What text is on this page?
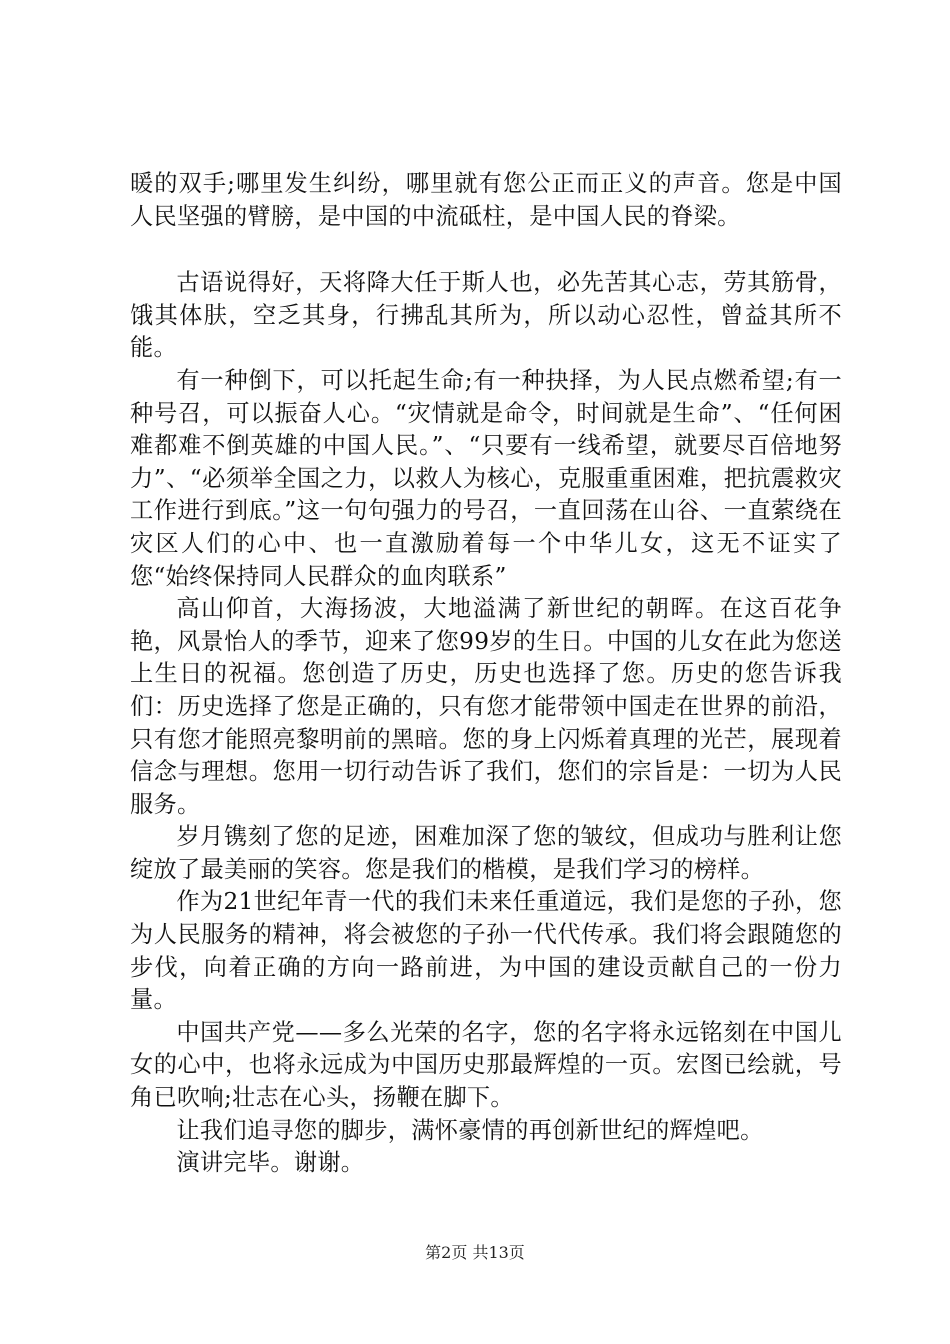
暖的双手;哪里发生纠纷，哪里就有您公正而正义的声音。您是中国人民坚强的臂膀，是中国的中流砥柱，是中国人民的脊梁。

古语说得好，天将降大任于斯人也，必先苦其心志，劳其筋骨，饿其体肤，空乏其身，行拂乱其所为，所以动心忍性，曾益其所不能。

有一种倒下，可以托起生命;有一种抉择，为人民点燃希望;有一种号召，可以振奋人心。“灾情就是命令，时间就是生命”、“任何困难都难不倒英雄的中国人民。”、“只要有一线希望，就要尽百倍地努力”、“必须举全国之力，以救人为核心，克服重重困难，把抗震救灾工作进行到底。”这一句句强力的号召，一直回荡在山谷、一直萦绕在灾区人们的心中、也一直激励着每一个中华儿女，这无不证实了您“始终保持同人民群众的血肉联系”

高山仰首，大海扬波，大地溢满了新世纪的朝晖。在这百花争艳，风景怡人的季节，迎来了您99岁的生日。中国的儿女在此为您送上生日的祝福。您创造了历史，历史也选择了您。历史的您告诉我们：历史选择了您是正确的，只有您才能带领中国走在世界的前沿，只有您才能照亮黎明前的黑暗。您的身上闪烁着真理的光芒，展现着信念与理想。您用一切行动告诉了我们，您们的宗旨是：一切为人民服务。

岁月镌刻了您的足迹，困难加深了您的皱纹，但成功与胜利让您绽放了最美丽的笑容。您是我们的楷模，是我们学习的榜样。

作为21世纪年青一代的我们未来任重道远，我们是您的子孙，您为人民服务的精神，将会被您的子孙一代代传承。我们将会跟随您的步伐，向着正确的方向一路前进，为中国的建设贡献自己的一份力量。

中国共产党——多么光荣的名字，您的名字将永远铭刻在中国儿女的心中，也将永远成为中国历史那最辉煌的一页。宏图已绘就，号角已吹响;壮志在心头，扬鞭在脚下。

让我们追寻您的脚步，满怀豪情的再创新世纪的辉煌吧。

演讲完毕。谢谢。

第2页 共13页
